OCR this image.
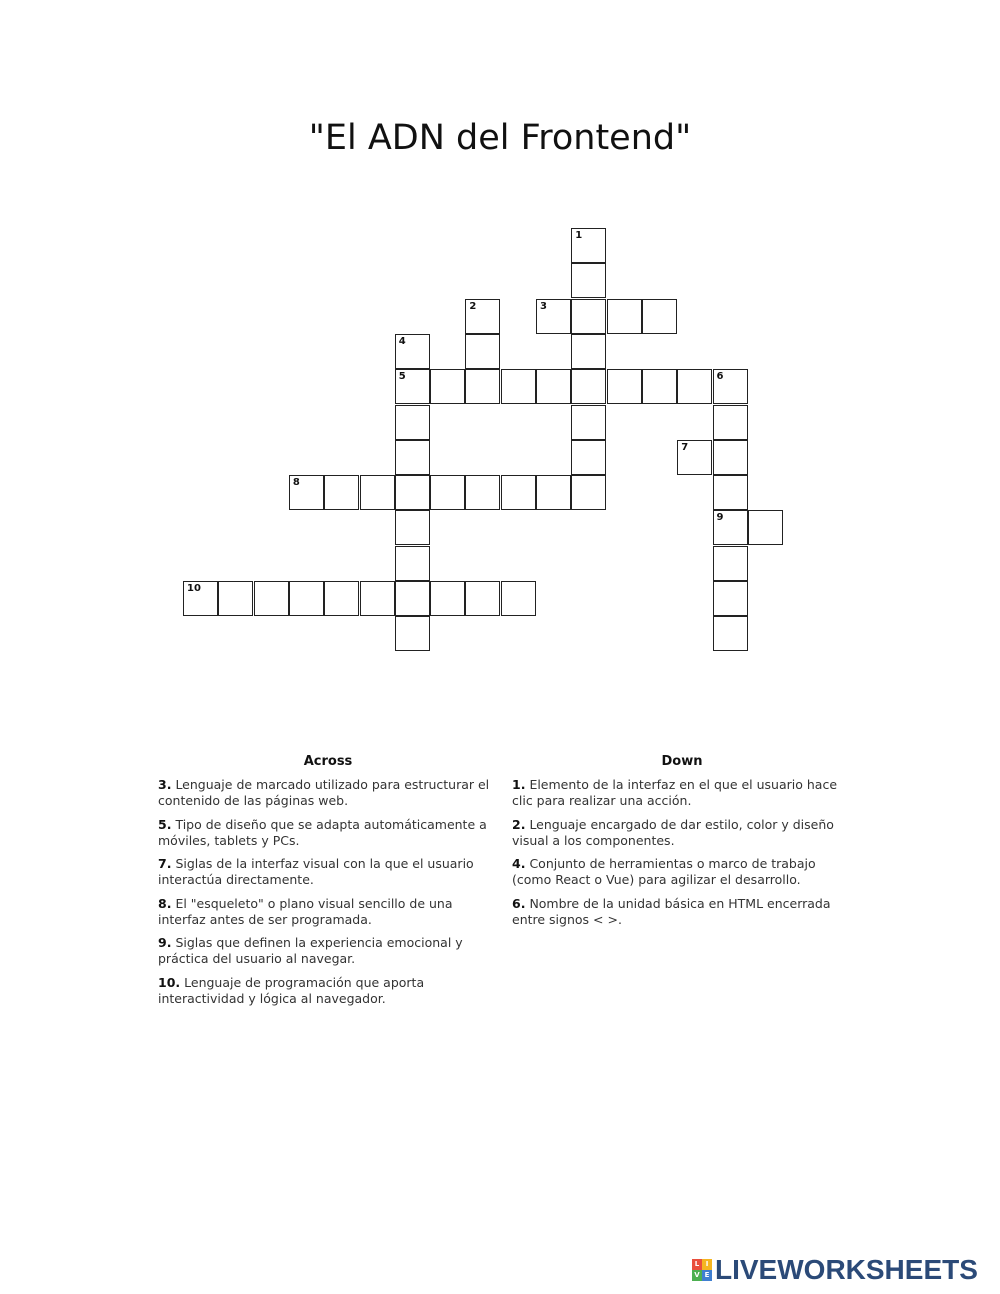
"El ADN del Frontend"
1
2	3
4
5	6
9
7
8
10
Across
3. Lenguaje de marcado utilizado para estructurar el contenido de las páginas web.
5. Tipo de diseño que se adapta automáticamente a móviles, tablets y PCs.
7. Siglas de la interfaz visual con la que el usuario interactúa directamente.
8. El "esqueleto" o plano visual sencillo de una interfaz antes de ser programada.
9. Siglas que definen la experiencia emocional y práctica del usuario al navegar.
10. Lenguaje de programación que aporta interactividad y lógica al navegador.
Down
1. Elemento de la interfaz en el que el usuario hace clic para realizar una acción.
2. Lenguaje encargado de dar estilo, color y diseño visual a los componentes.
4. Conjunto de herramientas o marco de trabajo (como React o Vue) para agilizar el desarrollo.
6. Nombre de la unidad básica en HTML encerrada entre signos < >.
L I
V E LIVEWORKSHEETS
